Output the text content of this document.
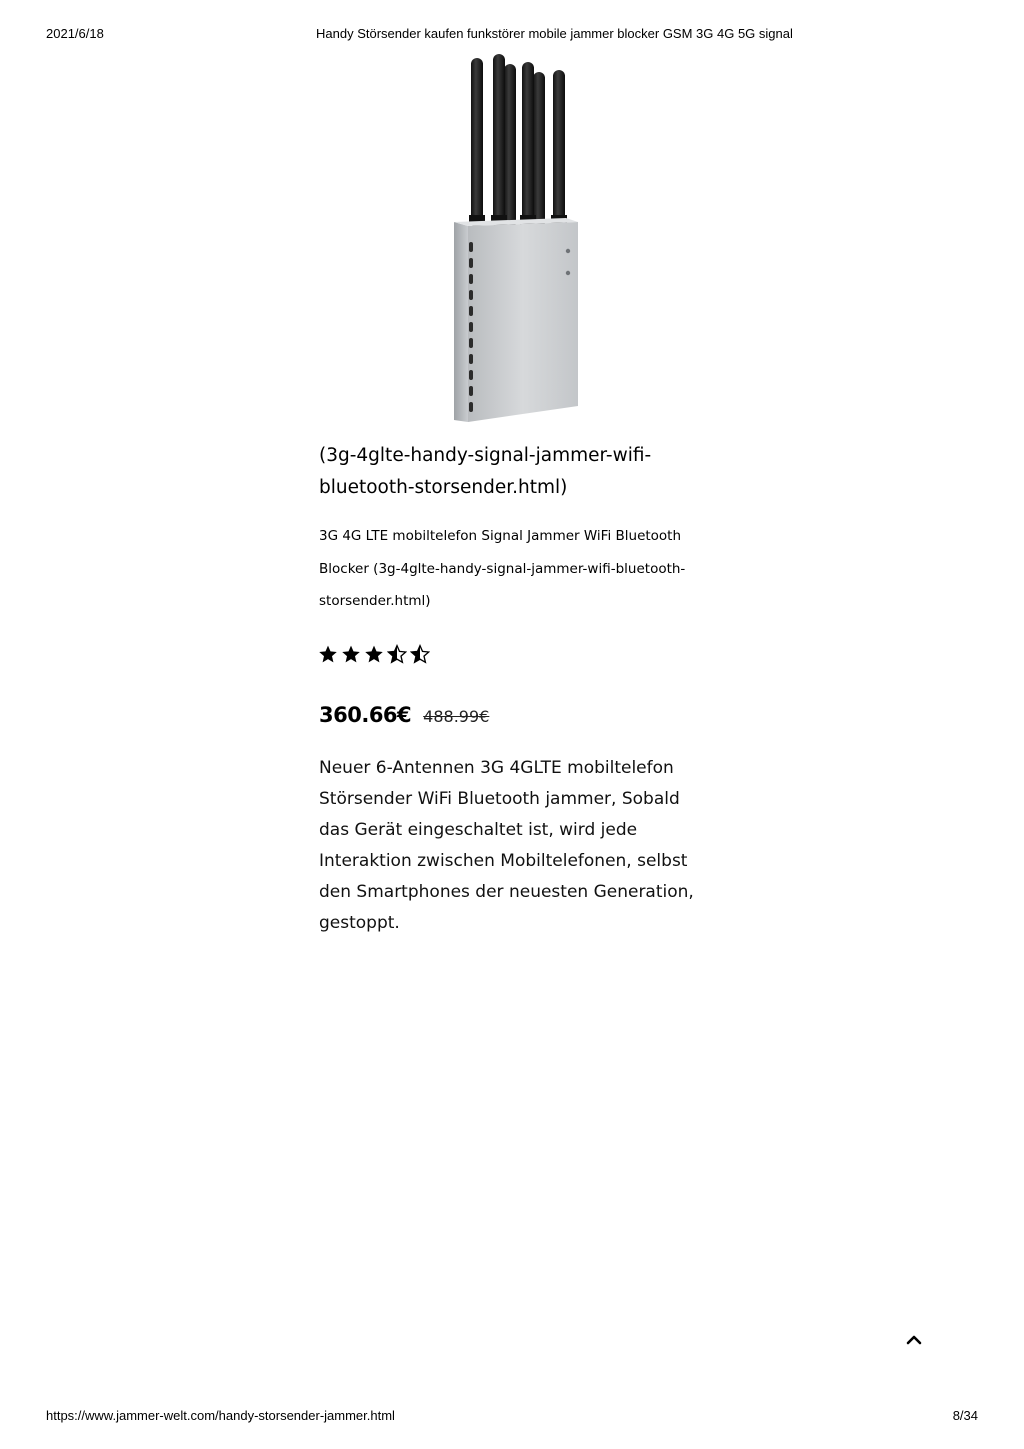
2021/6/18	Handy Störsender kaufen funkstörer mobile jammer blocker GSM 3G 4G 5G signal
(3g-4glte-handy-signal-jammer-wifi-bluetooth-storsender.html)
3G 4G LTE mobiltelefon Signal Jammer WiFi Bluetooth Blocker (3g-4glte-handy-signal-jammer-wifi-bluetooth-storsender.html)
360.66€ 488.99€
Neuer 6-Antennen 3G 4GLTE mobiltelefon Störsender WiFi Bluetooth jammer, Sobald das Gerät eingeschaltet ist, wird jede Interaktion zwischen Mobiltelefonen, selbst den Smartphones der neuesten Generation, gestoppt.
https://www.jammer-welt.com/handy-storsender-jammer.html	8/34
